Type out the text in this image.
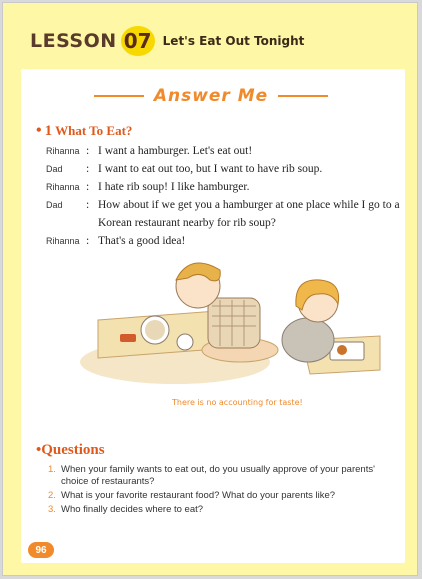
LESSON 07 Let's Eat Out Tonight
Answer Me
• 1 What To Eat?
Rihanna : I want a hamburger. Let's eat out!
Dad	: I want to eat out too, but I want to have rib soup.
Rihanna : I hate rib soup! I like hamburger.
Dad	: How about if we get you a hamburger at one place while I go to a Korean restaurant nearby for rib soup?
Rihanna : That's a good idea!
There is no accounting for taste!
•Questions
1. When your family wants to eat out, do you usually approve of your parents' choice of restaurants?
2. What is your favorite restaurant food? What do your parents like?
3. Who finally decides where to eat?
96
